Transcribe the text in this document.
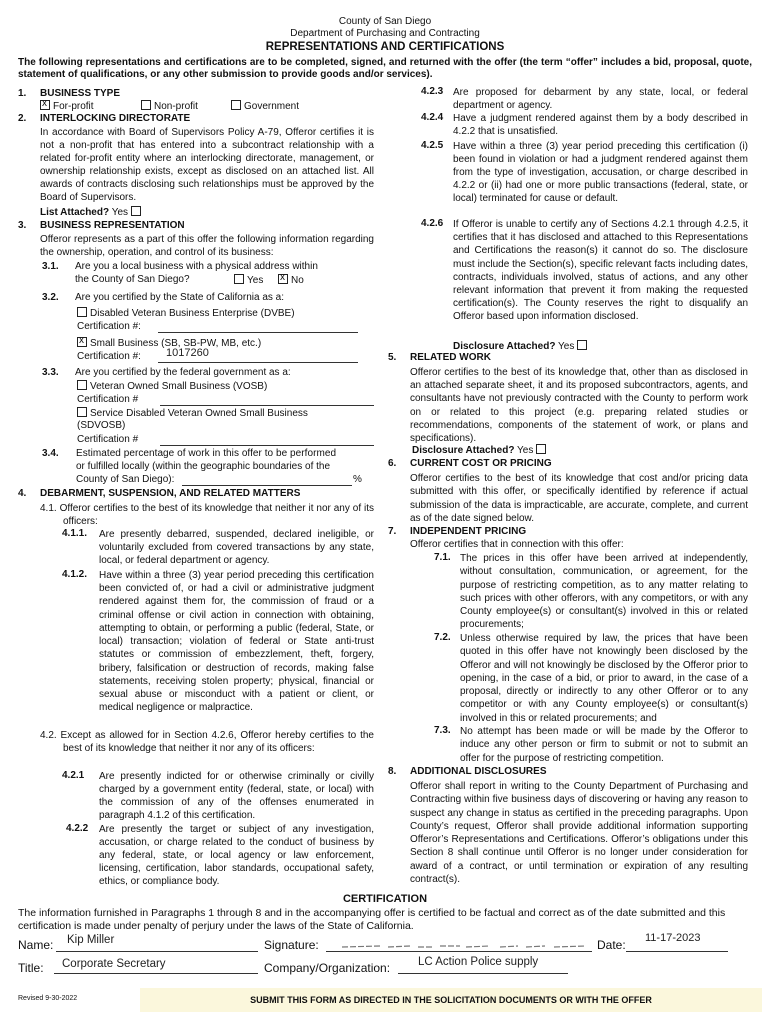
County of San Diego
Department of Purchasing and Contracting
REPRESENTATIONS AND CERTIFICATIONS
The following representations and certifications are to be completed, signed, and returned with the offer (the term “offer” includes a bid, proposal, quote, statement of qualifications, or any other submission to provide goods and/or services).
1. BUSINESS TYPE
xFor-profit	Non-profit	Government
2. INTERLOCKING DIRECTORATE
In accordance with Board of Supervisors Policy A-79, Offeror certifies it is not a non-profit that has entered into a subcontract relationship with a related for-profit entity where an interlocking directorate, management, or ownership relationship exists, except as disclosed on an attached list. All awards of contracts disclosing such relationships must be approved by the Board of Supervisors.
List Attached? Yes
3. BUSINESS REPRESENTATION
Offeror represents as a part of this offer the following information regarding the ownership, operation, and control of its business:
3.1. Are you a local business with a physical address within
the County of San Diego?	Yes
x	No
3.2. Are you certified by the State of California as a:
Disabled Veteran Business Enterprise (DVBE)
Certification #:
xSmall Business (SB, SB-PW, MB, etc.)
Certification #: 1017260
3.3. Are you certified by the federal government as a:
Veteran Owned Small Business (VOSB)
Certification #
Service Disabled Veteran Owned Small Business
(SDVOSB)
Certification #
3.4. Estimated percentage of work in this offer to be performed
or fulfilled locally (within the geographic boundaries of the
County of San Diego):	%
4. DEBARMENT, SUSPENSION, AND RELATED MATTERS
4.1. Offeror certifies to the best of its knowledge that neither it nor any of its officers:
4.1.1. Are presently debarred, suspended, declared ineligible, or voluntarily excluded from covered transactions by any state, local, or federal department or agency.
4.1.2. Have within a three (3) year period preceding this certification been convicted of, or had a civil or administrative judgment rendered against them for, the commission of fraud or a criminal offense or civil action in connection with obtaining, attempting to obtain, or performing a public (federal, State, or local) transaction; violation of federal or State anti-trust statutes or commission of embezzlement, theft, forgery, bribery, falsification or destruction of records, making false statements, receiving stolen property; physical, financial or sexual abuse or misconduct with a patient or client, or medical negligence or malpractice.
4.2. Except as allowed for in Section 4.2.6, Offeror hereby certifies to the best of its knowledge that neither it nor any of its officers:
4.2.1 Are presently indicted for or otherwise criminally or civilly charged by a government entity (federal, state, or local) with the commission of any of the offenses enumerated in paragraph 4.1.2 of this certification.
4.2.2 Are presently the target or subject of any investigation, accusation, or charge related to the conduct of business by any federal, state, or local agency or law enforcement, licensing, certification, labor standards, occupational safety, ethics, or compliance body.
4.2.3 Are proposed for debarment by any state, local, or federal department or agency.
4.2.4 Have a judgment rendered against them by a body described in 4.2.2 that is unsatisfied.
4.2.5 Have within a three (3) year period preceding this certification (i) been found in violation or had a judgment rendered against them from the type of investigation, accusation, or charge described in 4.2.2 or (ii) had one or more public transactions (federal, state, or local) terminated for cause or default.
4.2.6 If Offeror is unable to certify any of Sections 4.2.1 through 4.2.5, it certifies that it has disclosed and attached to this Representations and Certifications the reason(s) it cannot do so. The disclosure must include the Section(s), specific relevant facts including dates, contracts, individuals involved, status of actions, and any other relevant information that prevent it from making the requested certification(s). The County reserves the right to disqualify an Offeror based upon information disclosed.
Disclosure Attached? Yes
5. RELATED WORK
Offeror certifies to the best of its knowledge that, other than as disclosed in an attached separate sheet, it and its proposed subcontractors, agents, and consultants have not previously contracted with the County to perform work on or related to this project (e.g. preparing related studies or recommendations, components of the statement of work, or plans and specifications).
Disclosure Attached? Yes
6. CURRENT COST OR PRICING
Offeror certifies to the best of its knowledge that cost and/or pricing data submitted with this offer, or specifically identified by reference if actual submission of the data is impracticable, are accurate, complete, and current as of the date signed below.
7. INDEPENDENT PRICING
Offeror certifies that in connection with this offer:
7.1. The prices in this offer have been arrived at independently, without consultation, communication, or agreement, for the purpose of restricting competition, as to any matter relating to such prices with other offerors, with any competitors, or with any County employee(s) or consultant(s) involved in this or related procurements;
7.2. Unless otherwise required by law, the prices that have been quoted in this offer have not knowingly been disclosed by the Offeror and will not knowingly be disclosed by the Offeror prior to opening, in the case of a bid, or prior to award, in the case of a proposal, directly or indirectly to any other Offeror or to any competitor or with any County employee(s) or consultant(s) involved in this or related procurements; and
7.3. No attempt has been made or will be made by the Offeror to induce any other person or firm to submit or not to submit an offer for the purpose of restricting competition.
8. ADDITIONAL DISCLOSURES
Offeror shall report in writing to the County Department of Purchasing and Contracting within five business days of discovering or having any reason to suspect any change in status as certified in the preceding paragraphs. Upon County’s request, Offeror shall provide additional information supporting Offeror’s Representations and Certifications. Offeror’s obligations under this Section 8 shall continue until Offeror is no longer under consideration for award of a contract, or until termination or expiration of any resulting contract(s).
CERTIFICATION
The information furnished in Paragraphs 1 through 8 and in the accompanying offer is certified to be factual and correct as of the date submitted and this certification is made under penalty of perjury under the laws of the State of California.
Name: Kip Miller	Signature:	Date: 11-17-2023
Title: Corporate Secretary	Company/Organization: LC Action Police supply
Revised 9-30-2022	SUBMIT THIS FORM AS DIRECTED IN THE SOLICITATION DOCUMENTS OR WITH THE OFFER
